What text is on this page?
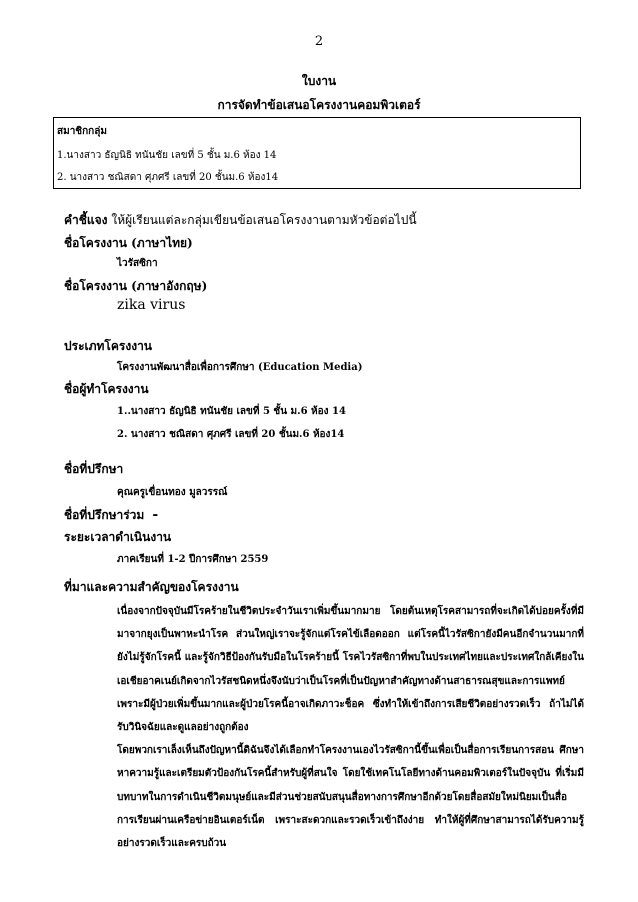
2
ใบงาน
การจัดทำข้อเสนอโครงงานคอมพิวเตอร์
สมาชิกกลุ่ม
1.นางสาว ธัญนิธิ ทนันชัย เลขที่ 5 ชั้น ม.6 ห้อง 14
2. นางสาว ชณิสดา ศุภศรี เลขที่ 20 ชั้นม.6 ห้อง14
คำชี้แจง ให้ผู้เรียนแต่ละกลุ่มเขียนข้อเสนอโครงงานตามหัวข้อต่อไปนี้
ชื่อโครงงาน (ภาษาไทย)
ไวรัสซิกา
ชื่อโครงงาน (ภาษาอังกฤษ)
zika virus
ประเภทโครงงาน
โครงงานพัฒนาสื่อเพื่อการศึกษา (Education Media)
ชื่อผู้ทำโครงงาน
1..นางสาว ธัญนิธิ ทนันชัย เลขที่ 5 ชั้น ม.6 ห้อง 14
2. นางสาว ชณิสดา ศุภศรี เลขที่ 20 ชั้นม.6 ห้อง14
ชื่อที่ปรึกษา
คุณครูเขื่อนทอง มูลวรรณ์
ชื่อที่ปรึกษาร่วม -
ระยะเวลาดำเนินงาน
ภาคเรียนที่ 1-2 ปีการศึกษา 2559
ที่มาและความสำคัญของโครงงาน

เนื่องจากปัจจุบันมีโรคร้ายในชีวิตประจำวันเราเพิ่มขึ้นมากมาย โดยต้นเหตุโรคสามารถที่จะเกิดได้บ่อยครั้งที่มีมาจากยุงเป็นพาหะนำโรค ส่วนใหญ่เราจะรู้จักแต่โรคไข้เลือดออก แต่โรคนี้ไวรัสซิกายังมีคนอีกจำนวนมากที่ยังไม่รู้จักโรคนี้ และรู้จักวิธีป้องกันรับมือในโรคร้ายนี้ โรคไวรัสซิกาที่พบในประเทศไทยและประเทศใกล้เคียงในเอเชียอาคเนย์เกิดจากไวรัสชนิดหนึ่งจึงนับว่าเป็นโรคที่เป็นปัญหาสำคัญทางด้านสาธารณสุขและการแพทย์ เพราะมีผู้ป่วยเพิ่มขึ้นมากและผู้ป่วยโรคนี้อาจเกิดภาวะช็อค ซึ่งทำให้เข้าถึงการเสียชีวิตอย่างรวดเร็ว ถ้าไม่ได้รับวินิจฉัยและดูแลอย่างถูกต้อง

โดยพวกเราเล็งเห็นถึงปัญหานี้ดิฉันจึงได้เลือกทำโครงงานเองไวรัสซิกานี้ขึ้นเพื่อเป็นสื่อการเรียนการสอน ศึกษาหาความรู้และเตรียมตัวป้องกันโรคนี้สำหรับผู้ที่สนใจ โดยใช้เทคโนโลยีทางด้านคอมพิวเตอร์ในปัจจุบัน ที่เริ่มมีบทบาทในการดำเนินชีวิตมนุษย์และมีส่วนช่วยสนับสนุนสื่อทางการศึกษาอีกด้วยโดยสื่อสมัยใหม่นิยมเป็นสื่อการเรียนผ่านเครือข่ายอินเตอร์เน็ต เพราะสะดวกและรวดเร็วเข้าถึงง่าย ทำให้ผู้ที่ศึกษาสามารถได้รับความรู้อย่างรวดเร็วและครบถ้วน
